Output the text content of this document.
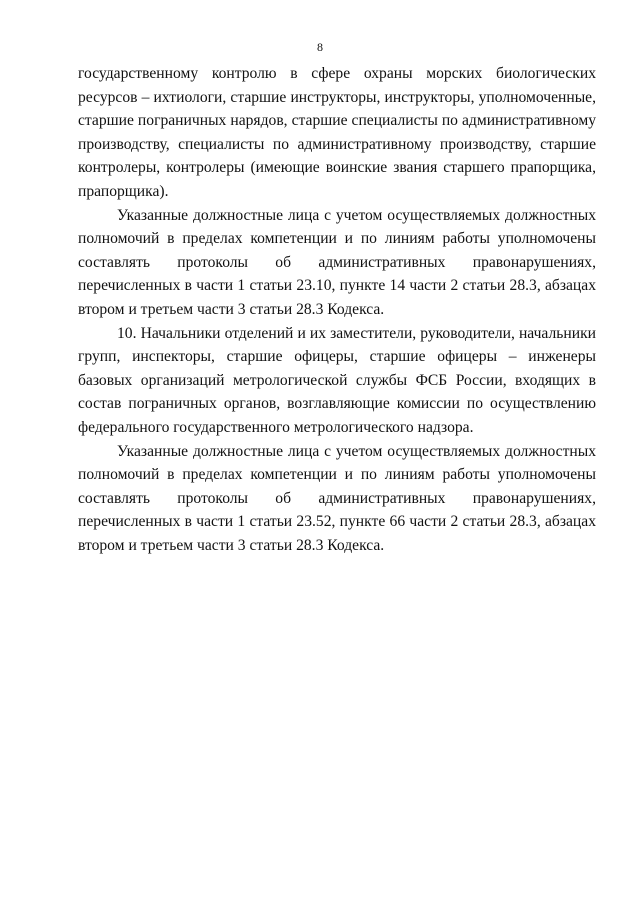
8

государственному контролю в сфере охраны морских биологических ресурсов – ихтиологи, старшие инструкторы, инструкторы, уполномоченные, старшие пограничных нарядов, старшие специалисты по административному производству, специалисты по административному производству, старшие контролеры, контролеры (имеющие воинские звания старшего прапорщика, прапорщика).

Указанные должностные лица с учетом осуществляемых должностных полномочий в пределах компетенции и по линиям работы уполномочены составлять протоколы об административных правонарушениях, перечисленных в части 1 статьи 23.10, пункте 14 части 2 статьи 28.3, абзацах втором и третьем части 3 статьи 28.3 Кодекса.

10. Начальники отделений и их заместители, руководители, начальники групп, инспекторы, старшие офицеры, старшие офицеры – инженеры базовых организаций метрологической службы ФСБ России, входящих в состав пограничных органов, возглавляющие комиссии по осуществлению федерального государственного метрологического надзора.

Указанные должностные лица с учетом осуществляемых должностных полномочий в пределах компетенции и по линиям работы уполномочены составлять протоколы об административных правонарушениях, перечисленных в части 1 статьи 23.52, пункте 66 части 2 статьи 28.3, абзацах втором и третьем части 3 статьи 28.3 Кодекса.
